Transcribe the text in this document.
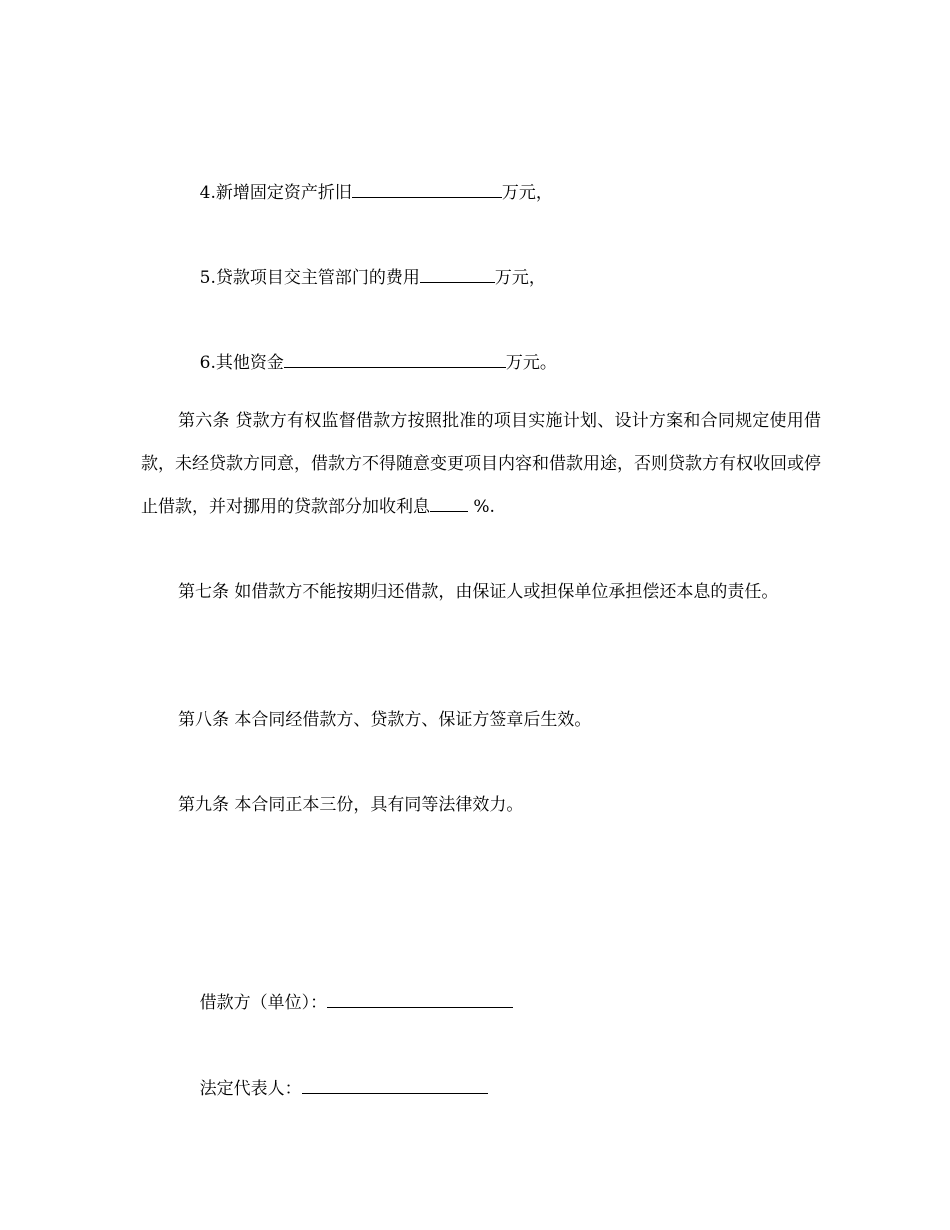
4.新增固定资产折旧	万元，

5.贷款项目交主管部门的费用	万元，

6.其他资金	万元。

第六条 贷款方有权监督借款方按照批准的项目实施计划、设计方案和合同规定使用借款，未经贷款方同意，借款方不得随意变更项目内容和借款用途，否则贷款方有权收回或停止借款，并对挪用的贷款部分加收利息 %.
第七条 如借款方不能按期归还借款，由保证人或担保单位承担偿还本息的责任。
第八条 本合同经借款方、贷款方、保证方签章后生效。
第九条 本合同正本三份，具有同等法律效力。

借款方（单位）：

法定代表人：
